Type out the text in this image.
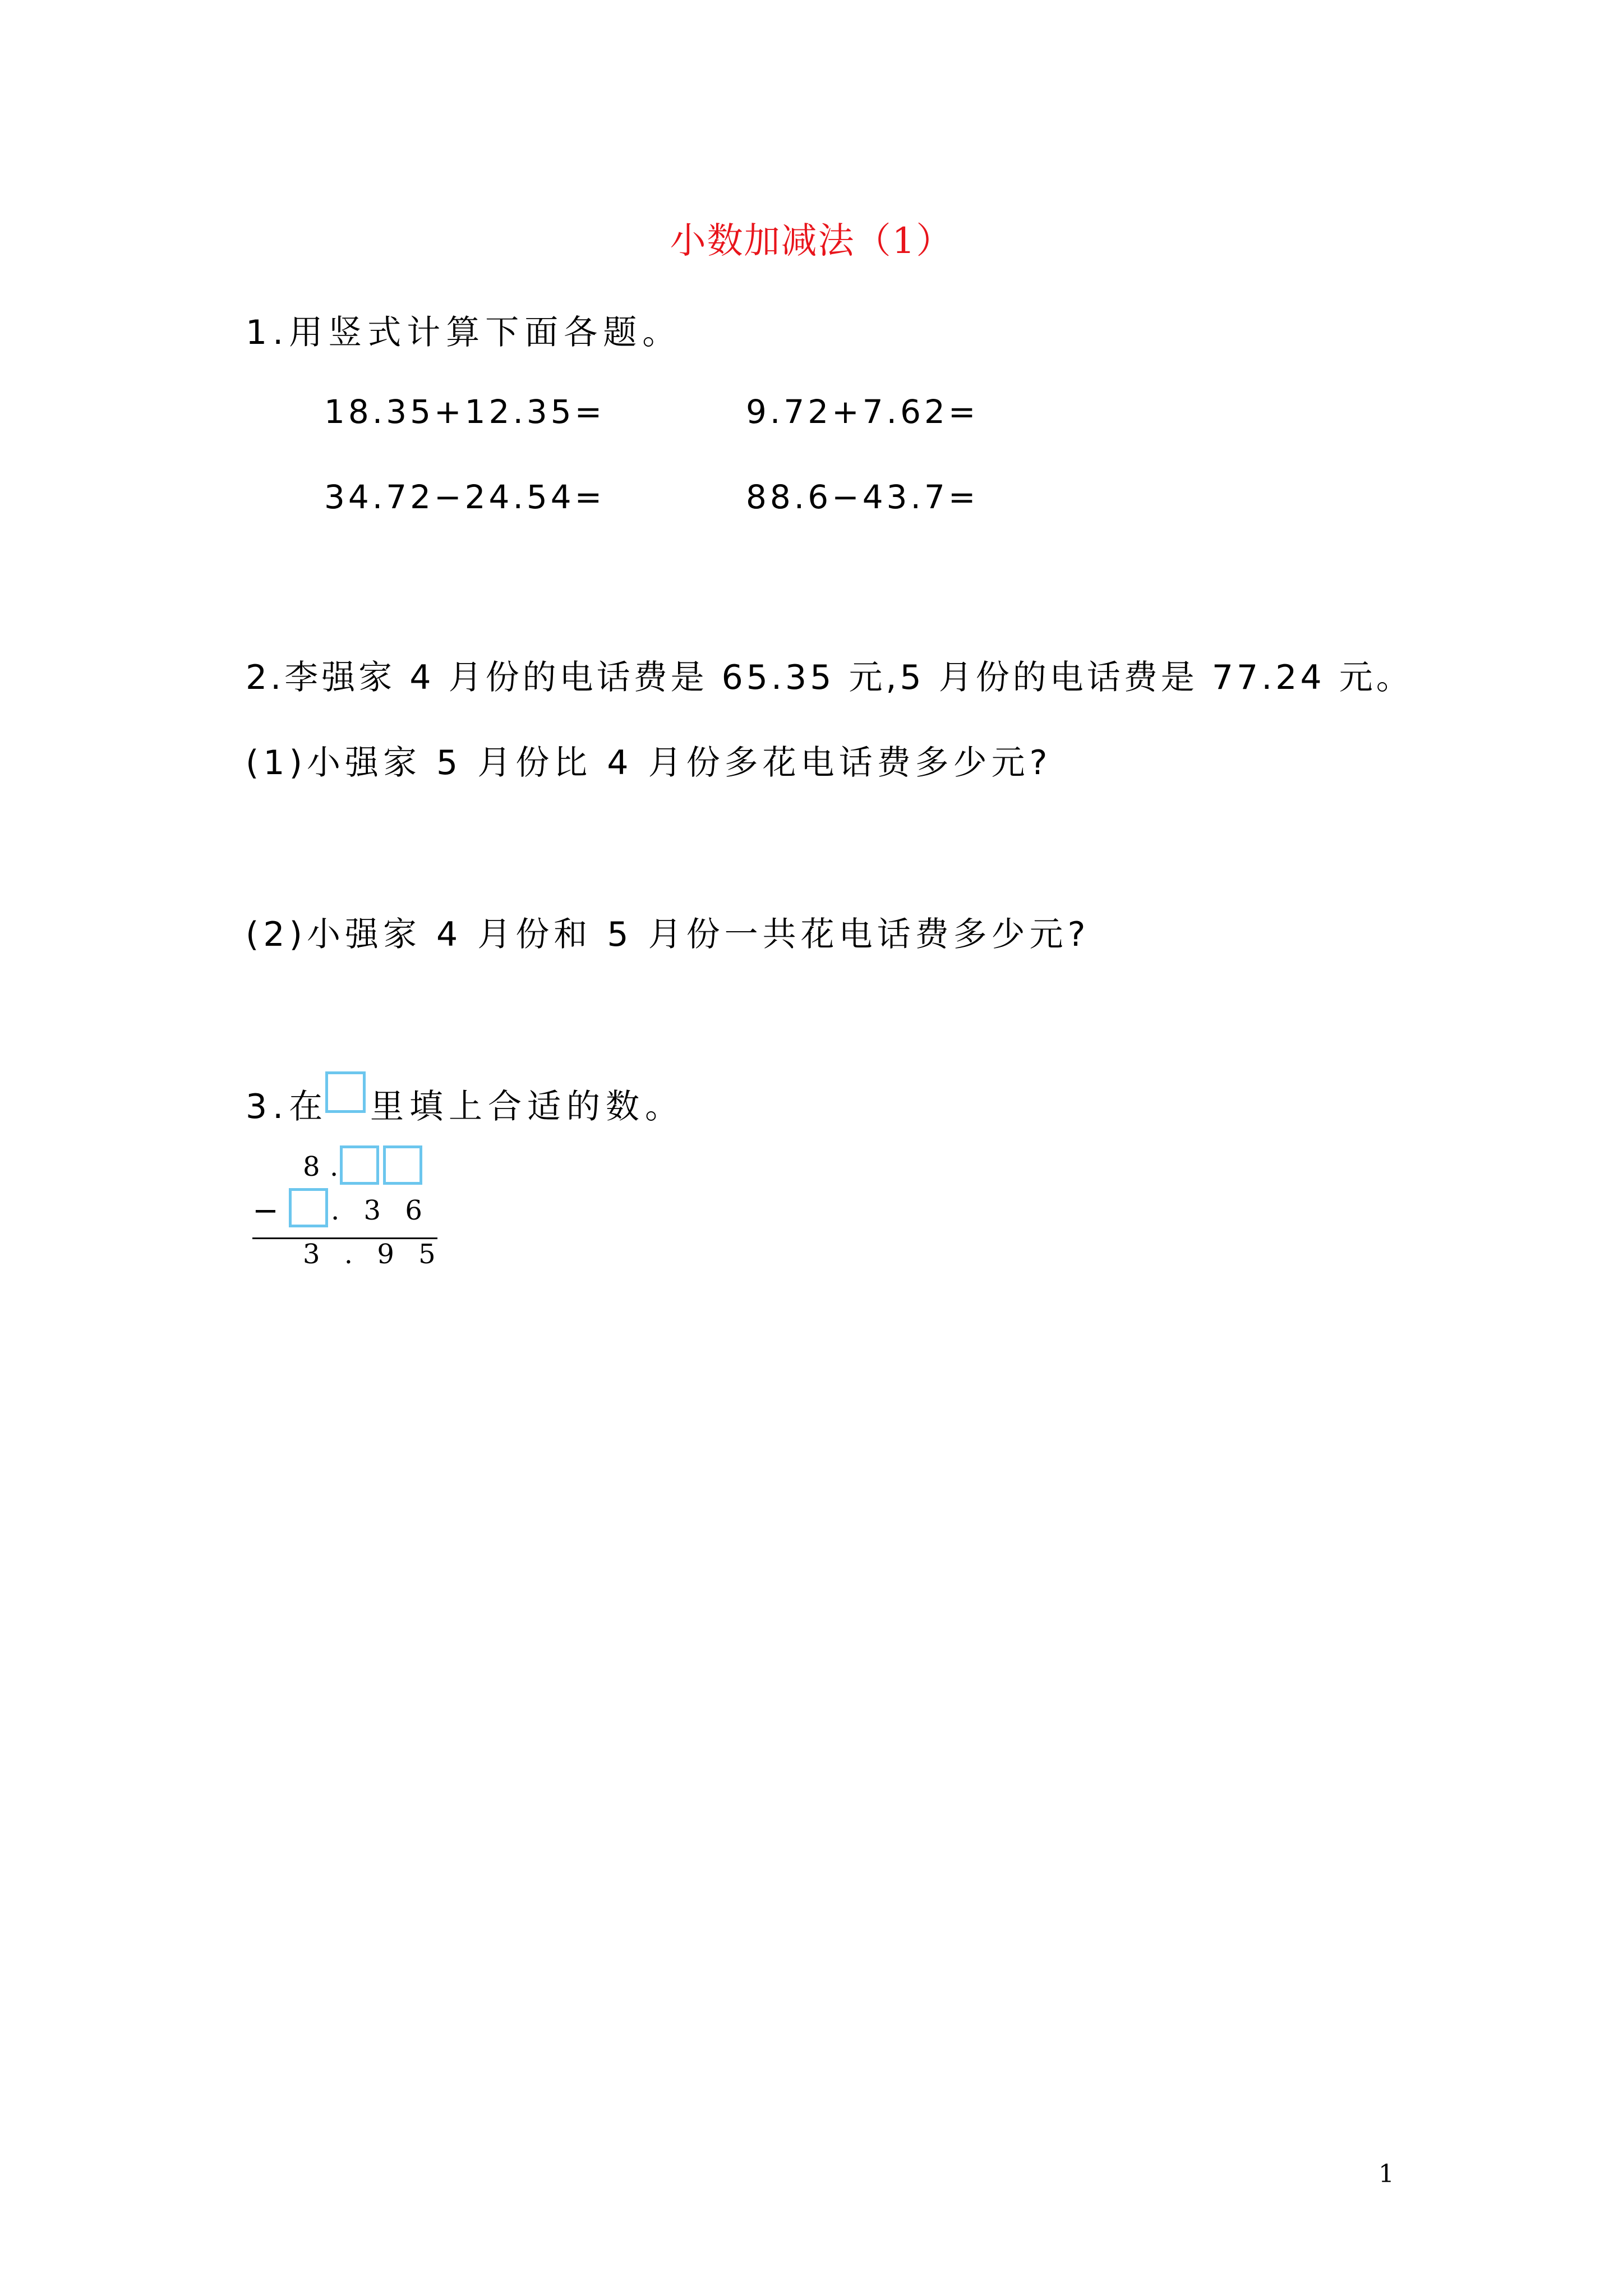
小数加减法（1）
1.用竖式计算下面各题。
18.35+12.35=	9.72+7.62=
34.72−24.54=	88.6−43.7=
2.李强家 4 月份的电话费是 65.35 元,5 月份的电话费是 77.24 元。
(1)小强家 5 月份比 4 月份多花电话费多少元?
(2)小强家 4 月份和 5 月份一共花电话费多少元?
3.在 里填上合适的数。
8 .
− . 3 6
3 . 9 5
1
